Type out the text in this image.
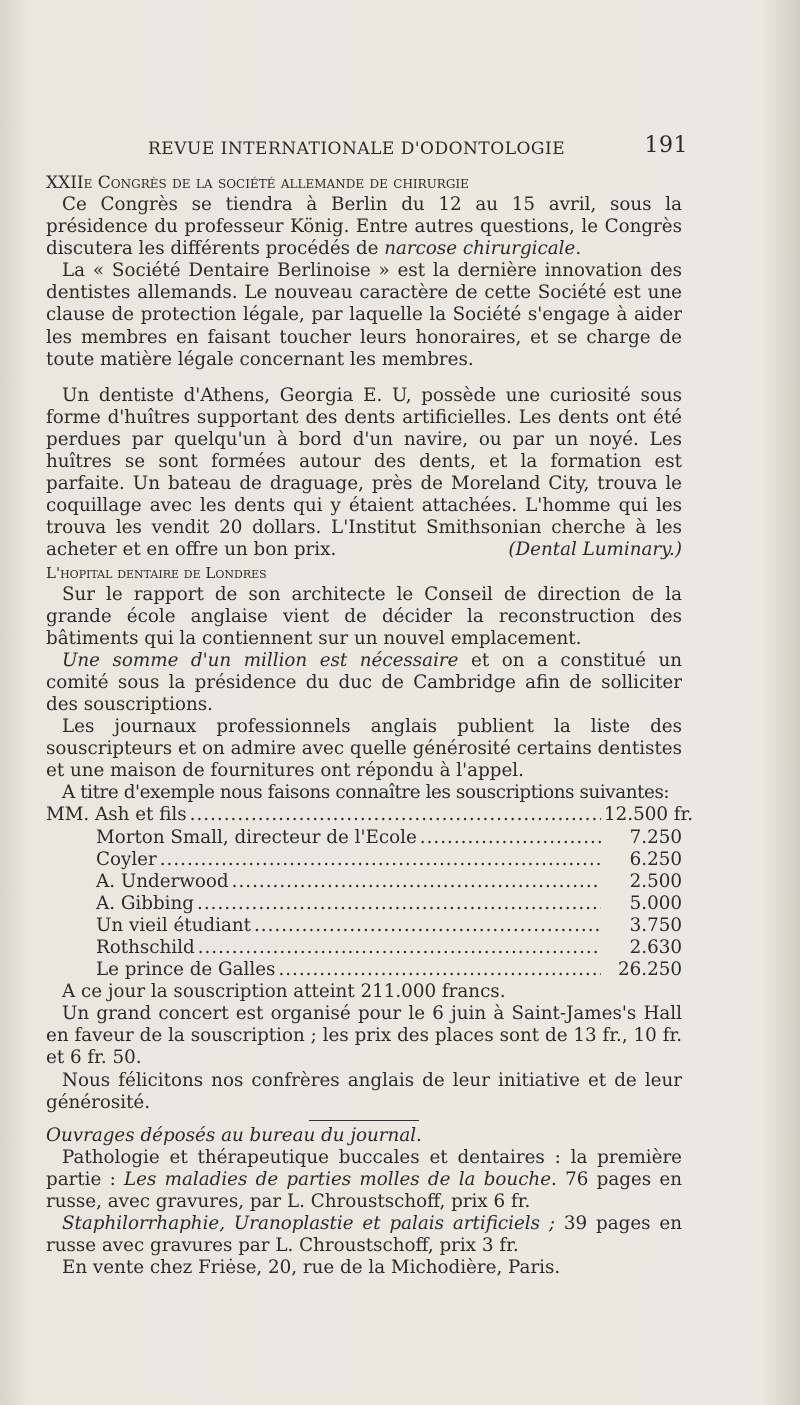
REVUE INTERNATIONALE D'ODONTOLOGIE	191

XXIIe Congrès de la société allemande de chirurgie

Ce Congrès se tiendra à Berlin du 12 au 15 avril, sous la présidence du professeur König. Entre autres questions, le Congrès discutera les différents procédés de narcose chirurgicale.

La « Société Dentaire Berlinoise » est la dernière innovation des dentistes allemands. Le nouveau caractère de cette Société est une clause de protection légale, par laquelle la Société s'engage à aider les membres en faisant toucher leurs honoraires, et se charge de toute matière légale concernant les membres.

Un dentiste d'Athens, Georgia E. U, possède une curiosité sous forme d'huîtres supportant des dents artificielles. Les dents ont été perdues par quelqu'un à bord d'un navire, ou par un noyé. Les huîtres se sont formées autour des dents, et la formation est parfaite. Un bateau de draguage, près de Moreland City, trouva le coquillage avec les dents qui y étaient attachées. L'homme qui les trouva les vendit 20 dollars. L'Institut Smithsonian cherche à les acheter et en offre un bon prix.	(Dental Luminary.)

L'hopital dentaire de Londres

Sur le rapport de son architecte le Conseil de direction de la grande école anglaise vient de décider la reconstruction des bâtiments qui la contiennent sur un nouvel emplacement.

Une somme d'un million est nécessaire et on a constitué un comité sous la présidence du duc de Cambridge afin de solliciter des souscriptions.

Les journaux professionnels anglais publient la liste des souscripteurs et on admire avec quelle générosité certains dentistes et une maison de fournitures ont répondu à l'appel.

A titre d'exemple nous faisons connaître les souscriptions suivantes:

MM. Ash et fils .....	12.500 fr.
Morton Small, directeur de l'Ecole .....	7.250
Coyler .....	6.250
A. Underwood .....	2.500
A. Gibbing .....	5.000
Un vieil étudiant .....	3.750
Rothschild .....	2.630
Le prince de Galles .....	26.250

A ce jour la souscription atteint 211.000 francs.

Un grand concert est organisé pour le 6 juin à Saint-James's Hall en faveur de la souscription ; les prix des places sont de 13 fr., 10 fr. et 6 fr. 50.

Nous félicitons nos confrères anglais de leur initiative et de leur générosité.

Ouvrages déposés au bureau du journal.

Pathologie et thérapeutique buccales et dentaires : la première partie : Les maladies de parties molles de la bouche. 76 pages en russe, avec gravures, par L. Chroustschoff, prix 6 fr.

Staphilorrhaphie, Uranoplastie et palais artificiels ; 39 pages en russe avec gravures par L. Chroustschoff, prix 3 fr.

En vente chez Friėse, 20, rue de la Michodière, Paris.
